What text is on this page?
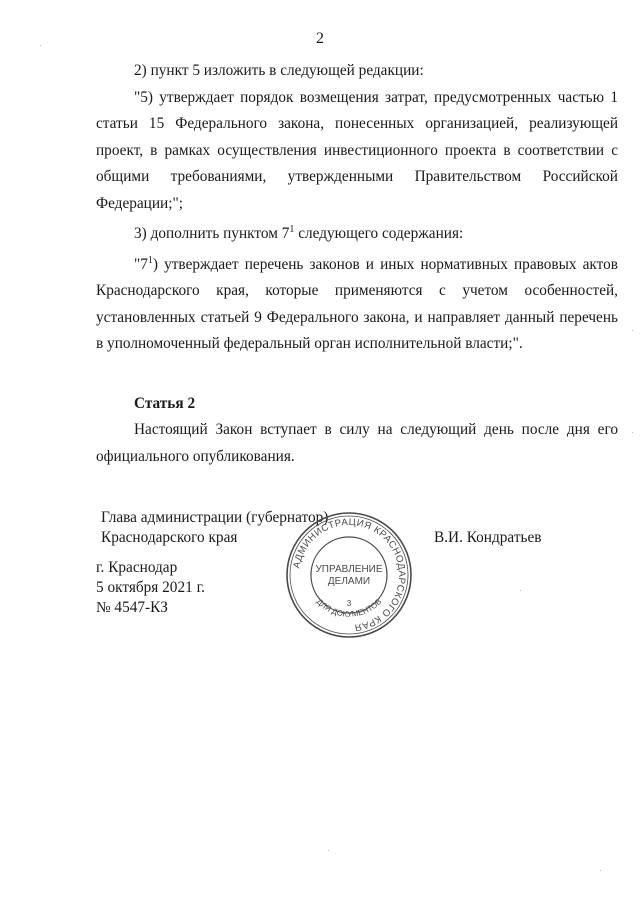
2

2) пункт 5 изложить в следующей редакции:

"5) утверждает порядок возмещения затрат, предусмотренных частью 1 статьи 15 Федерального закона, понесенных организацией, реализующей проект, в рамках осуществления инвестиционного проекта в соответствии с общими требованиями, утвержденными Правительством Российской Федерации;";

3) дополнить пунктом $7^1$ следующего содержания:

"$7^1$) утверждает перечень законов и иных нормативных правовых актов Краснодарского края, которые применяются с учетом особенностей, установленных статьей 9 Федерального закона, и направляет данный перечень в уполномоченный федеральный орган исполнительной власти;".

Статья 2

Настоящий Закон вступает в силу на следующий день после дня его официального опубликования.

Глава администрации (губернатор)
Краснодарского края	В.И. Кондратьев
г. Краснодар
5 октября 2021 г.
№ 4547-КЗ
АДМИНИСТРАЦИЯ КРАСНОДАРСКОГО КРАЯ
УПРАВЛЕНИЕ
ДЕЛАМИ
3
ДЛЯ ДОКУМЕНТОВ
